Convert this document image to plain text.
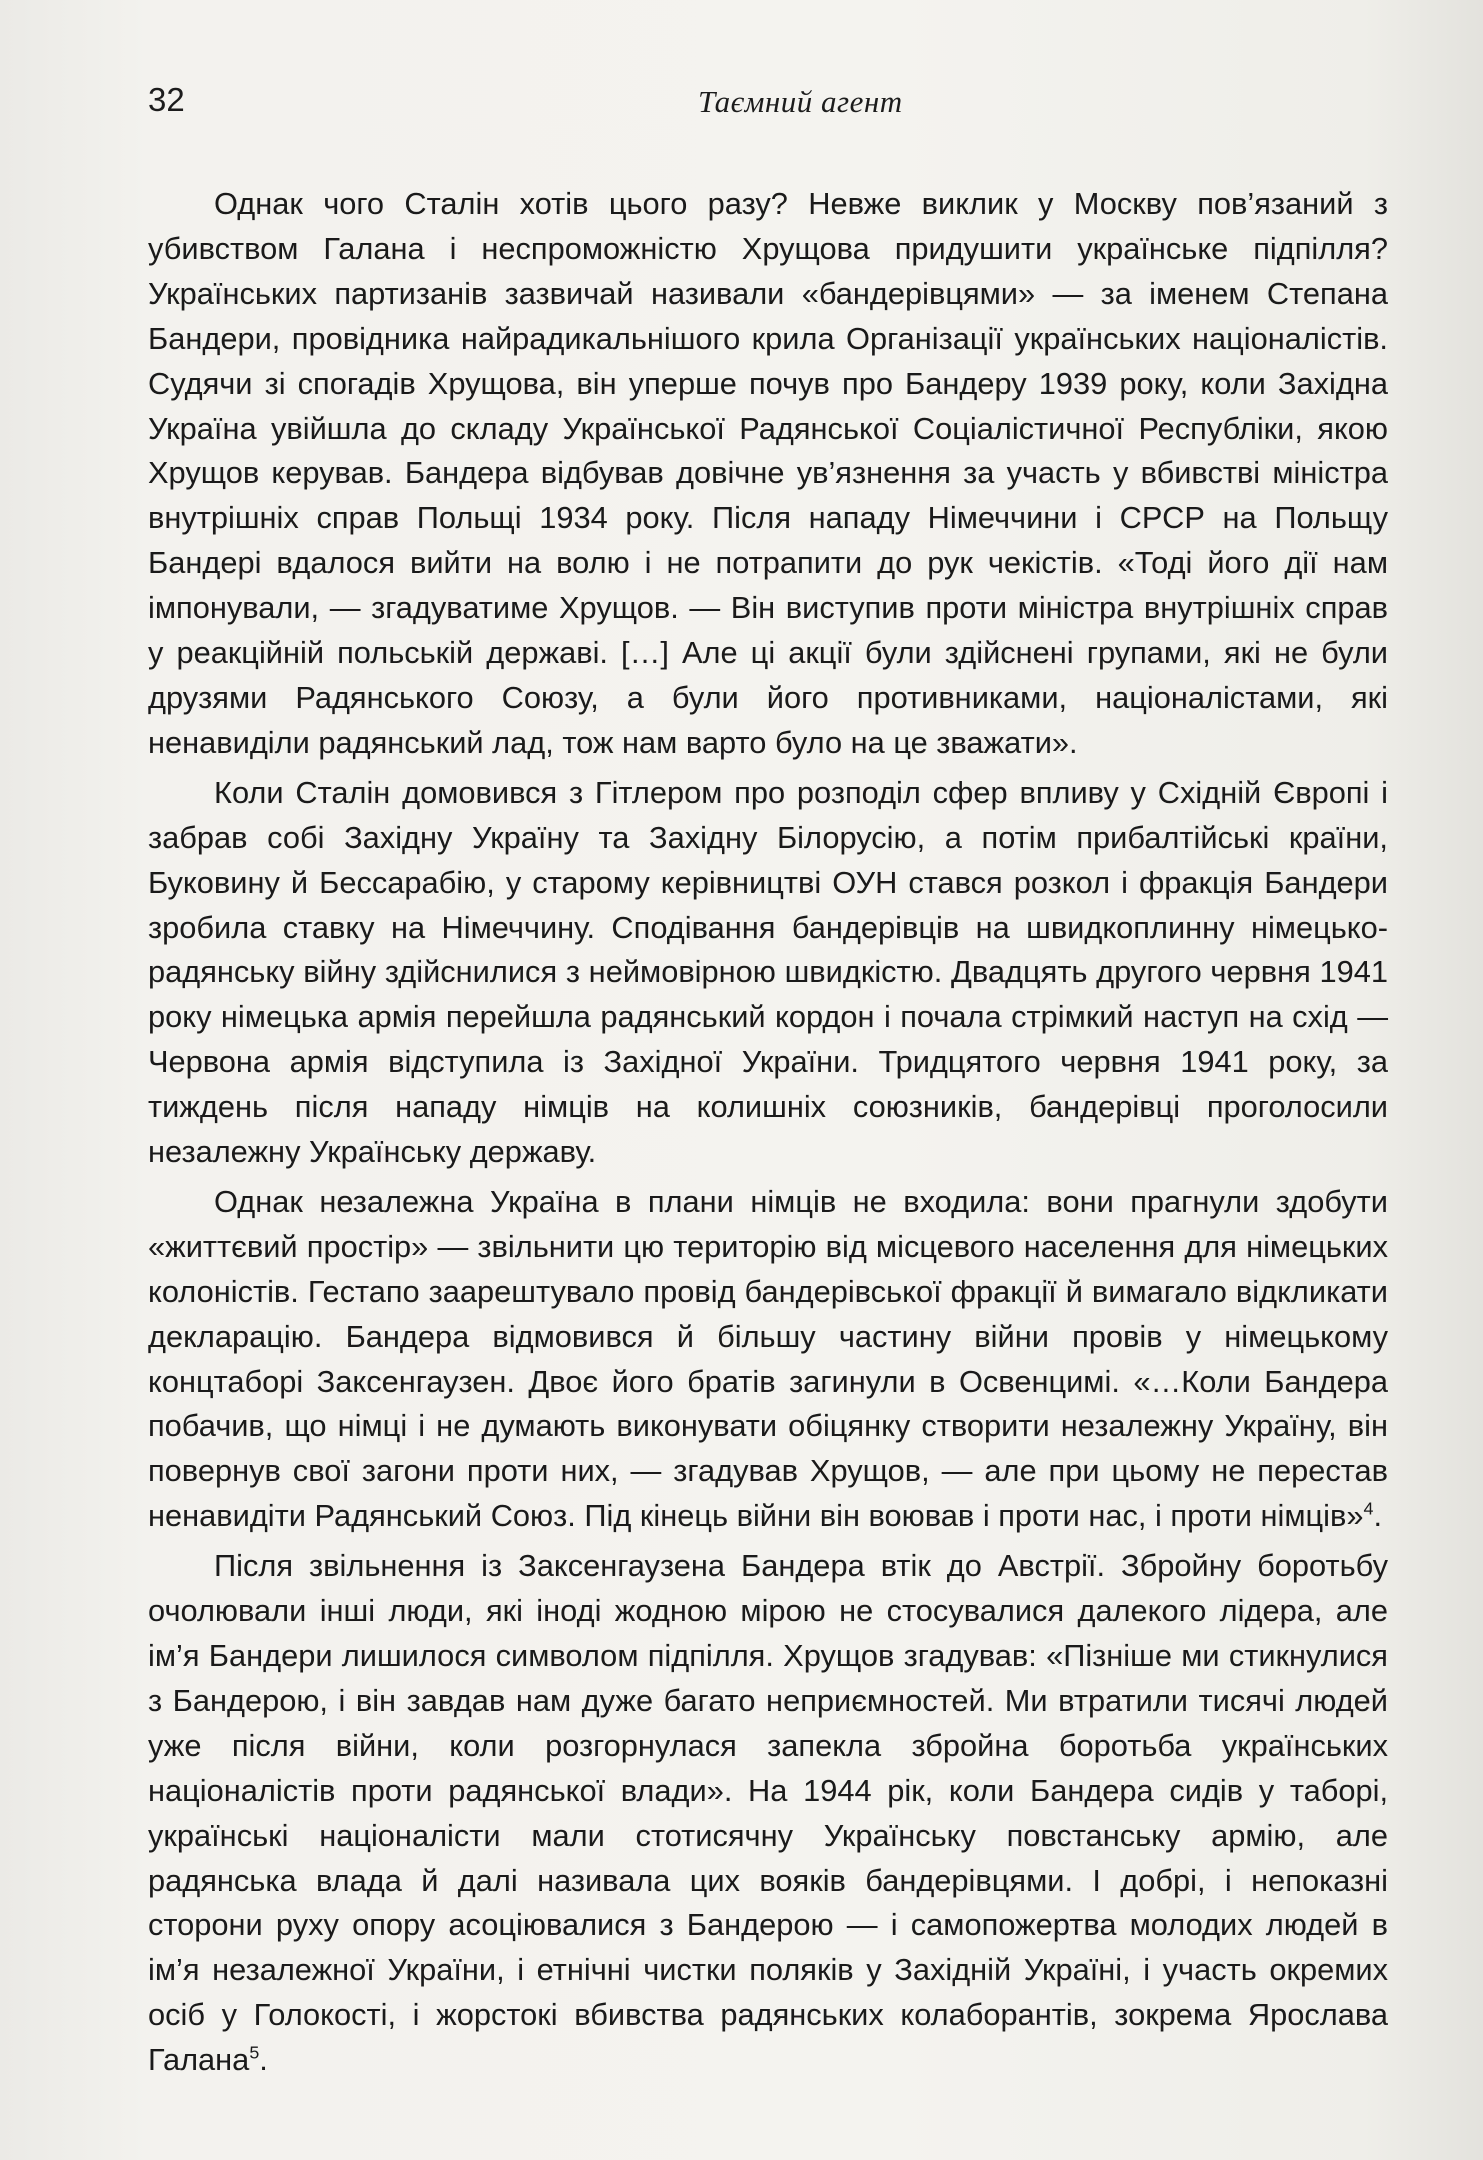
32	Таємний агент

Однак чого Сталін хотів цього разу? Невже виклик у Москву пов’язаний з убивством Галана і неспроможністю Хрущова придушити українське підпілля? Українських партизанів зазвичай називали «бандерівцями» — за іменем Степана Бандери, провідника найрадикальнішого крила Організації українських націоналістів. Судячи зі спогадів Хрущова, він уперше почув про Бандеру 1939 року, коли Західна Україна увійшла до складу Української Радянської Соціалістичної Республіки, якою Хрущов керував. Бандера відбував довічне ув’язнення за участь у вбивстві міністра внутрішніх справ Польщі 1934 року. Після нападу Німеччини і СРСР на Польщу Бандері вдалося вийти на волю і не потрапити до рук чекістів. «Тоді його дії нам імпонували, — згадуватиме Хрущов. — Він виступив проти міністра внутрішніх справ у реакційній польській державі. […] Але ці акції були здійснені групами, які не були друзями Радянського Союзу, а були його противниками, націоналістами, які ненавиділи радянський лад, тож нам варто було на це зважати».

Коли Сталін домовився з Гітлером про розподіл сфер впливу у Східній Європі і забрав собі Західну Україну та Західну Білорусію, а потім прибалтійські країни, Буковину й Бессарабію, у старому керівництві ОУН стався розкол і фракція Бандери зробила ставку на Німеччину. Сподівання бандерівців на швидкоплинну німецько-радянську війну здійснилися з неймовірною швидкістю. Двадцять другого червня 1941 року німецька армія перейшла радянський кордон і почала стрімкий наступ на схід — Червона армія відступила із Західної України. Тридцятого червня 1941 року, за тиждень після нападу німців на колишніх союзників, бандерівці проголосили незалежну Українську державу.

Однак незалежна Україна в плани німців не входила: вони прагнули здобути «життєвий простір» — звільнити цю територію від місцевого населення для німецьких колоністів. Гестапо заарештувало провід бандерівської фракції й вимагало відкликати декларацію. Бандера відмовився й більшу частину війни провів у німецькому концтаборі Заксенгаузен. Двоє його братів загинули в Освенцимі. «…Коли Бандера побачив, що німці і не думають виконувати обіцянку створити незалежну Україну, він повернув свої загони проти них, — згадував Хрущов, — але при цьому не перестав ненавидіти Радянський Союз. Під кінець війни він воював і проти нас, і проти німців»$^4$.

Після звільнення із Заксенгаузена Бандера втік до Австрії. Збройну боротьбу очолювали інші люди, які іноді жодною мірою не стосувалися далекого лідера, але ім’я Бандери лишилося символом підпілля. Хрущов згадував: «Пізніше ми стикнулися з Бандерою, і він завдав нам дуже багато неприємностей. Ми втратили тисячі людей уже після війни, коли розгорнулася запекла збройна боротьба українських націоналістів проти радянської влади». На 1944 рік, коли Бандера сидів у таборі, українські націоналісти мали стотисячну Українську повстанську армію, але радянська влада й далі називала цих вояків бандерівцями. І добрі, і непоказні сторони руху опору асоціювалися з Бандерою — і самопожертва молодих людей в ім’я незалежної України, і етнічні чистки поляків у Західній Україні, і участь окремих осіб у Голокості, і жорстокі вбивства радянських колаборантів, зокрема Ярослава Галана$^5$.
